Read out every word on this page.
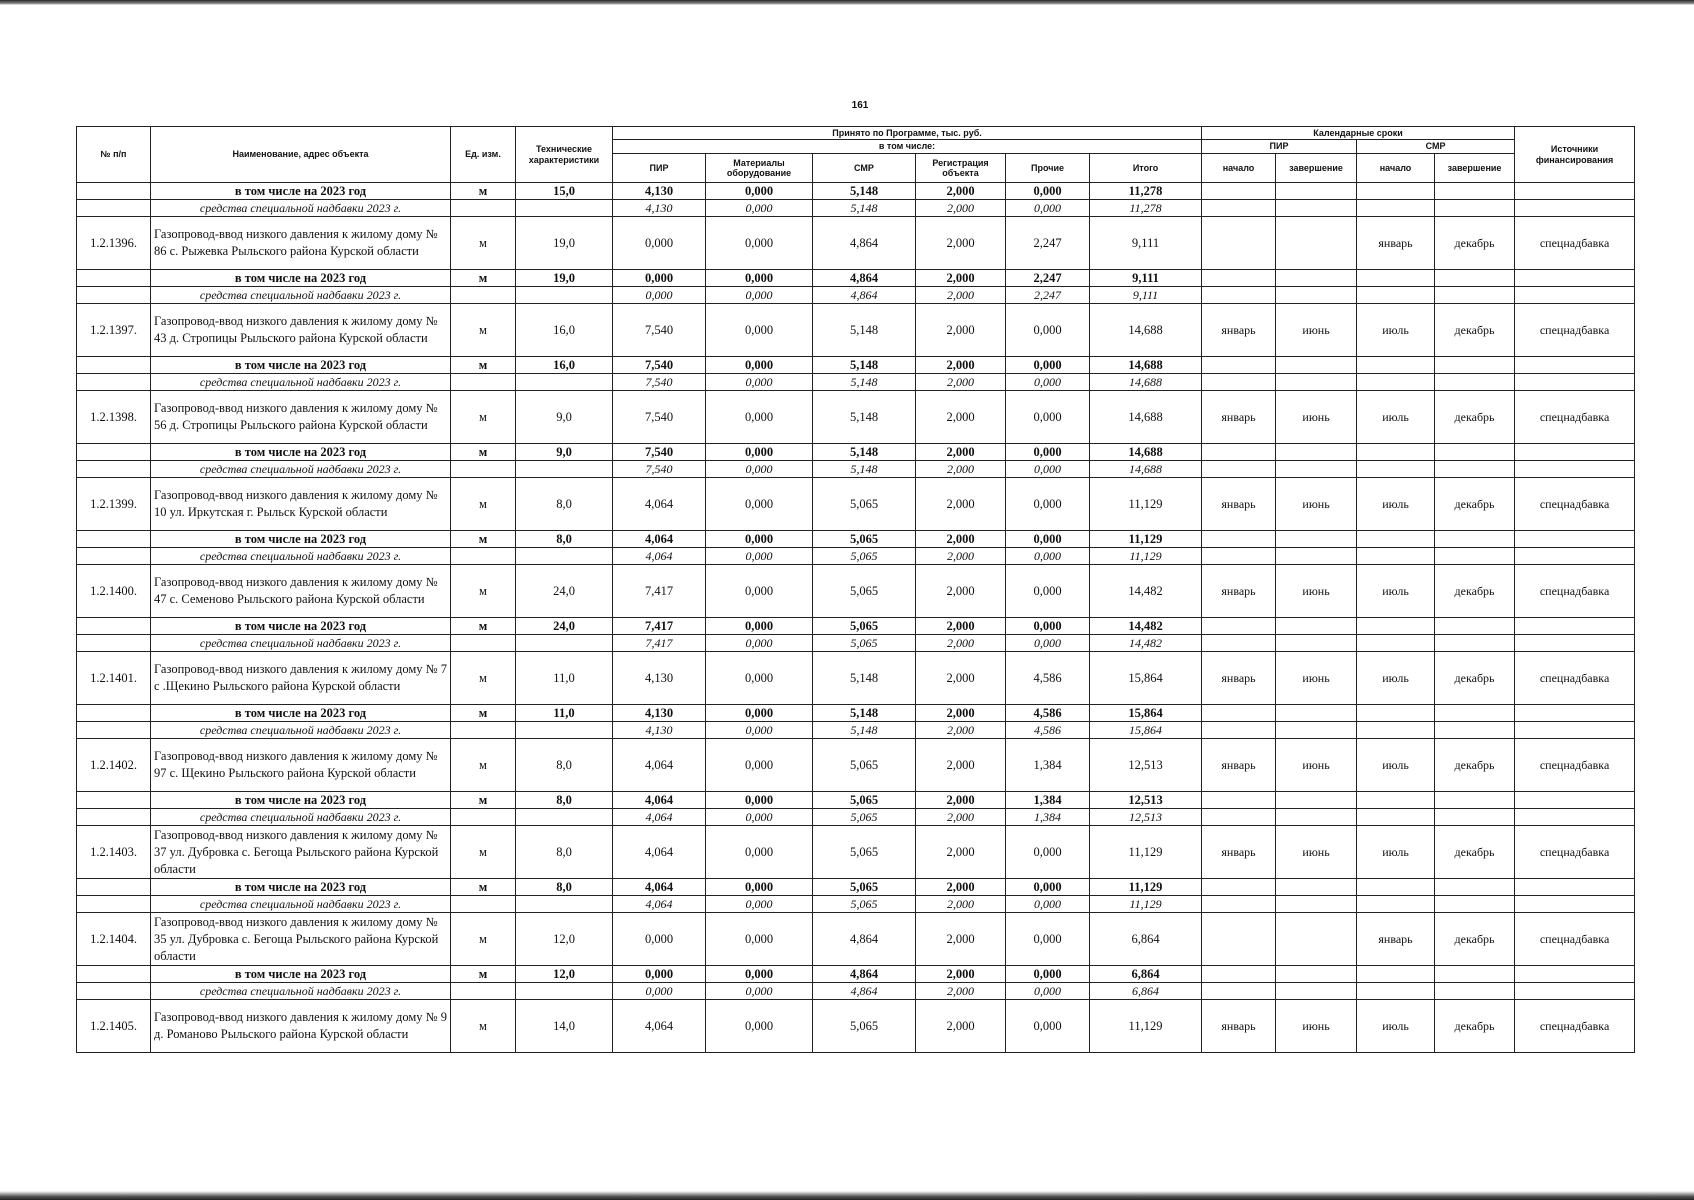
161
№ п/п	Наименование, адрес объекта	Ед. изм.	Технические характеристики	Принято по Программе, тыс. руб.						Календарные сроки				Источники финансирования
				в том числе:						ПИР		СМР		
				ПИР	Материалы оборудование	СМР	Регистрация объекта	Прочие	Итого	начало	завершение	начало	завершение	
	в том числе на 2023 год	м	15,0	4,130	0,000	5,148	2,000	0,000	11,278					
	средства специальной надбавки 2023 г.			4,130	0,000	5,148	2,000	0,000	11,278					
1.2.1396.	Газопровод-ввод низкого давления к жилому дому № 86 с. Рыжевка Рыльского района Курской области	м	19,0	0,000	0,000	4,864	2,000	2,247	9,111			январь	декабрь	спецнадбавка
	в том числе на 2023 год	м	19,0	0,000	0,000	4,864	2,000	2,247	9,111					
	средства специальной надбавки 2023 г.			0,000	0,000	4,864	2,000	2,247	9,111					
1.2.1397.	Газопровод-ввод низкого давления к жилому дому № 43 д. Стропицы Рыльского района Курской области	м	16,0	7,540	0,000	5,148	2,000	0,000	14,688	январь	июнь	июль	декабрь	спецнадбавка
	в том числе на 2023 год	м	16,0	7,540	0,000	5,148	2,000	0,000	14,688					
	средства специальной надбавки 2023 г.			7,540	0,000	5,148	2,000	0,000	14,688					
1.2.1398.	Газопровод-ввод низкого давления к жилому дому № 56 д. Стропицы Рыльского района Курской области	м	9,0	7,540	0,000	5,148	2,000	0,000	14,688	январь	июнь	июль	декабрь	спецнадбавка
	в том числе на 2023 год	м	9,0	7,540	0,000	5,148	2,000	0,000	14,688					
	средства специальной надбавки 2023 г.			7,540	0,000	5,148	2,000	0,000	14,688					
1.2.1399.	Газопровод-ввод низкого давления к жилому дому № 10 ул. Иркутская г. Рыльск Курской области	м	8,0	4,064	0,000	5,065	2,000	0,000	11,129	январь	июнь	июль	декабрь	спецнадбавка
	в том числе на 2023 год	м	8,0	4,064	0,000	5,065	2,000	0,000	11,129					
	средства специальной надбавки 2023 г.			4,064	0,000	5,065	2,000	0,000	11,129					
1.2.1400.	Газопровод-ввод низкого давления к жилому дому № 47 с. Семеново Рыльского района Курской области	м	24,0	7,417	0,000	5,065	2,000	0,000	14,482	январь	июнь	июль	декабрь	спецнадбавка
	в том числе на 2023 год	м	24,0	7,417	0,000	5,065	2,000	0,000	14,482					
	средства специальной надбавки 2023 г.			7,417	0,000	5,065	2,000	0,000	14,482					
1.2.1401.	Газопровод-ввод низкого давления к жилому дому № 7 с .Щекино Рыльского района Курской области	м	11,0	4,130	0,000	5,148	2,000	4,586	15,864	январь	июнь	июль	декабрь	спецнадбавка
	в том числе на 2023 год	м	11,0	4,130	0,000	5,148	2,000	4,586	15,864					
	средства специальной надбавки 2023 г.			4,130	0,000	5,148	2,000	4,586	15,864					
1.2.1402.	Газопровод-ввод низкого давления к жилому дому № 97 с. Щекино Рыльского района Курской области	м	8,0	4,064	0,000	5,065	2,000	1,384	12,513	январь	июнь	июль	декабрь	спецнадбавка
	в том числе на 2023 год	м	8,0	4,064	0,000	5,065	2,000	1,384	12,513					
	средства специальной надбавки 2023 г.			4,064	0,000	5,065	2,000	1,384	12,513					
1.2.1403.	Газопровод-ввод низкого давления к жилому дому № 37 ул. Дубровка с. Бегоща Рыльского района Курской области	м	8,0	4,064	0,000	5,065	2,000	0,000	11,129	январь	июнь	июль	декабрь	спецнадбавка
	в том числе на 2023 год	м	8,0	4,064	0,000	5,065	2,000	0,000	11,129					
	средства специальной надбавки 2023 г.			4,064	0,000	5,065	2,000	0,000	11,129					
1.2.1404.	Газопровод-ввод низкого давления к жилому дому № 35 ул. Дубровка с. Бегоща Рыльского района Курской области	м	12,0	0,000	0,000	4,864	2,000	0,000	6,864			январь	декабрь	спецнадбавка
	в том числе на 2023 год	м	12,0	0,000	0,000	4,864	2,000	0,000	6,864					
	средства специальной надбавки 2023 г.			0,000	0,000	4,864	2,000	0,000	6,864					
1.2.1405.	Газопровод-ввод низкого давления к жилому дому № 9 д. Романово Рыльского района Курской области	м	14,0	4,064	0,000	5,065	2,000	0,000	11,129	январь	июнь	июль	декабрь	спецнадбавка
